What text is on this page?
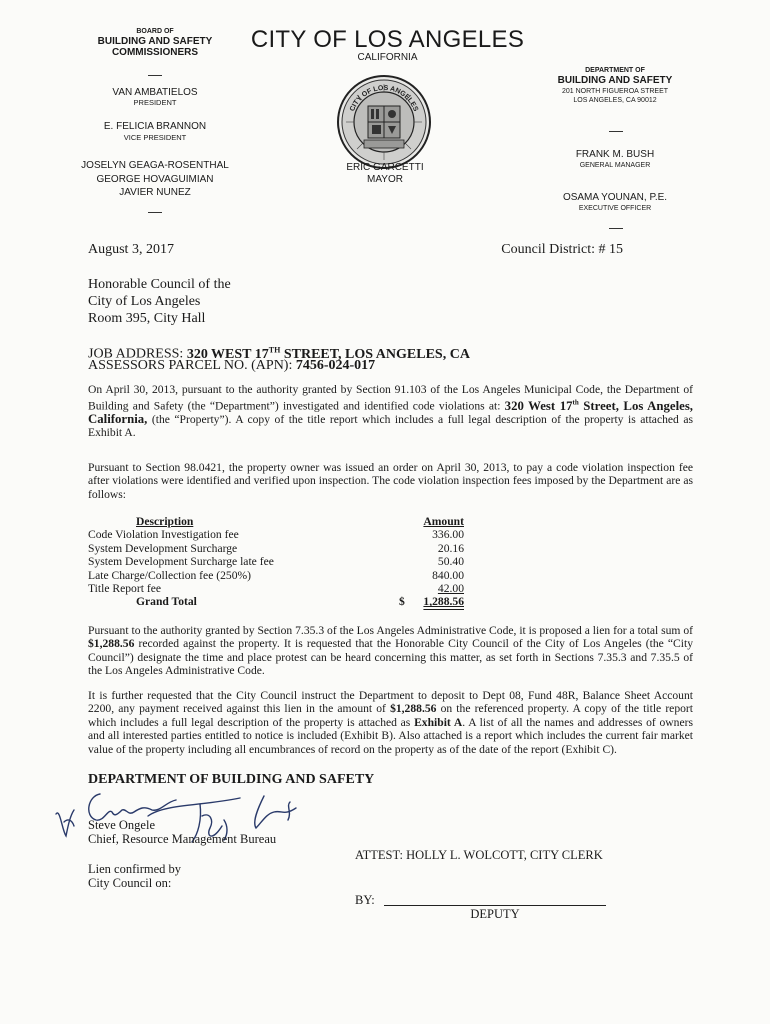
BOARD OF
BUILDING AND SAFETY
COMMISSIONERS
VAN AMBATIELOS
PRESIDENT
E. FELICIA BRANNON
VICE PRESIDENT
JOSELYN GEAGA-ROSENTHAL
GEORGE HOVAGUIMIAN
JAVIER NUNEZ
CITY OF LOS ANGELES
CALIFORNIA
CITY OF LOS ANGELES
ERIC GARCETTI
MAYOR
DEPARTMENT OF
BUILDING AND SAFETY
201 NORTH FIGUEROA STREET
LOS ANGELES, CA 90012
FRANK M. BUSH
GENERAL MANAGER
OSAMA YOUNAN, P.E.
EXECUTIVE OFFICER
August 3, 2017	Council District: # 15
Honorable Council of the
City of Los Angeles
Room 395, City Hall
JOB ADDRESS: 320 WEST 17TH STREET, LOS ANGELES, CA
ASSESSORS PARCEL NO. (APN): 7456-024-017

On April 30, 2013, pursuant to the authority granted by Section 91.103 of the Los Angeles Municipal Code, the Department of Building and Safety (the “Department”) investigated and identified code violations at: 320 West 17th Street, Los Angeles, California, (the “Property”). A copy of the title report which includes a full legal description of the property is attached as Exhibit A.

Pursuant to Section 98.0421, the property owner was issued an order on April 30, 2013, to pay a code violation inspection fee after violations were identified and verified upon inspection. The code violation inspection fees imposed by the Department are as follows:

Description	Amount
Code Violation Investigation fee	336.00
System Development Surcharge	20.16
System Development Surcharge late fee	50.40
Late Charge/Collection fee (250%)	840.00
Title Report fee	42.00
Grand Total	$ 1,288.56

Pursuant to the authority granted by Section 7.35.3 of the Los Angeles Administrative Code, it is proposed a lien for a total sum of $1,288.56 recorded against the property. It is requested that the Honorable City Council of the City of Los Angeles (the “City Council”) designate the time and place protest can be heard concerning this matter, as set forth in Sections 7.35.3 and 7.35.5 of the Los Angeles Administrative Code.

It is further requested that the City Council instruct the Department to deposit to Dept 08, Fund 48R, Balance Sheet Account 2200, any payment received against this lien in the amount of $1,288.56 on the referenced property. A copy of the title report which includes a full legal description of the property is attached as Exhibit A. A list of all the names and addresses of owners and all interested parties entitled to notice is included (Exhibit B). Also attached is a report which includes the current fair market value of the property including all encumbrances of record on the property as of the date of the report (Exhibit C).

DEPARTMENT OF BUILDING AND SAFETY
Steve Ongele
Chief, Resource Management Bureau
ATTEST: HOLLY L. WOLCOTT, CITY CLERK
Lien confirmed by
City Council on:
BY:
DEPUTY
